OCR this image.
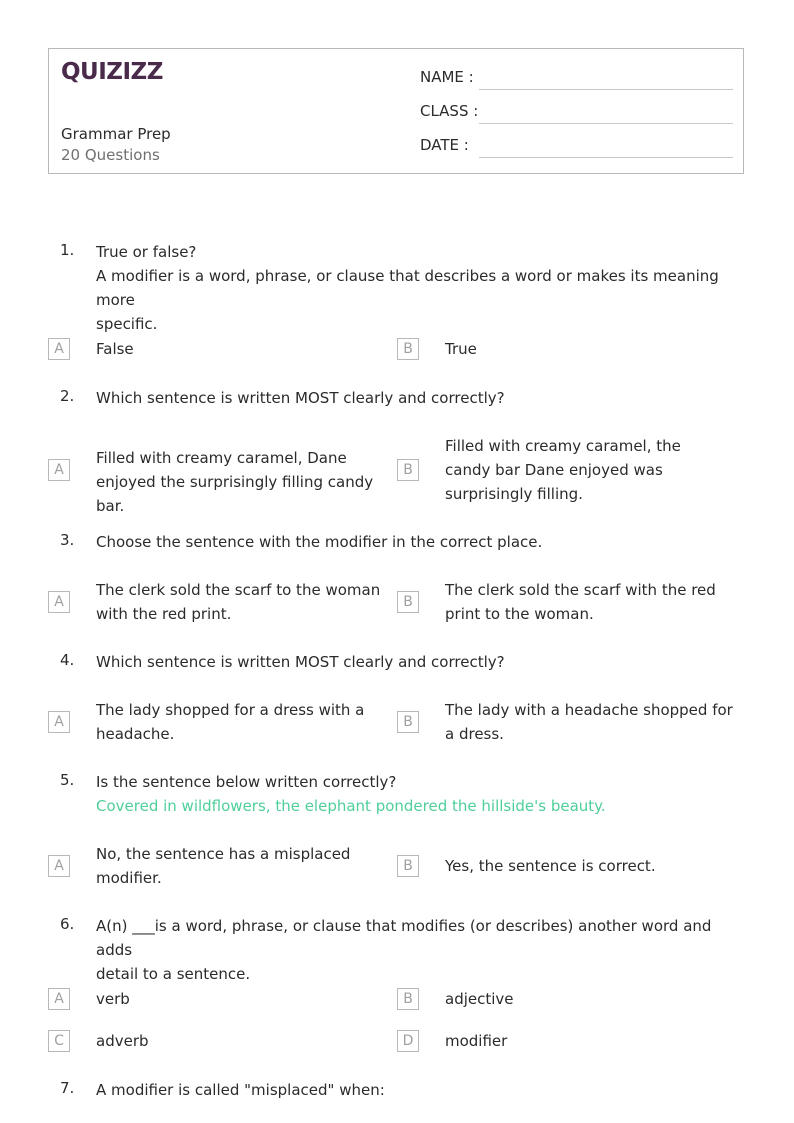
QUIZIZZ
Grammar Prep
20 Questions
NAME :
CLASS :
DATE :
1.	True or false?
A modifier is a word, phrase, or clause that describes a word or makes its meaning more
specific.
A	False	B	True
2.	Which sentence is written MOST clearly and correctly?
A
Filled with creamy caramel, Dane enjoyed the surprisingly filling candy bar.
B
Filled with creamy caramel, the candy bar Dane enjoyed was surprisingly filling.
3.	Choose the sentence with the modifier in the correct place.
A
The clerk sold the scarf to the woman with the red print.
B
The clerk sold the scarf with the red print to the woman.
4.	Which sentence is written MOST clearly and correctly?
A
The lady shopped for a dress with a headache.
B
The lady with a headache shopped for a dress.
5.	Is the sentence below written correctly?
Covered in wildflowers, the elephant pondered the hillside's beauty.
A
No, the sentence has a misplaced modifier.
B	Yes, the sentence is correct.
6.	A(n) ___is a word, phrase, or clause that modifies (or describes) another word and adds
detail to a sentence.
A	verb	B	adjective
C	adverb	D	modifier
7.	A modifier is called "misplaced" when:
